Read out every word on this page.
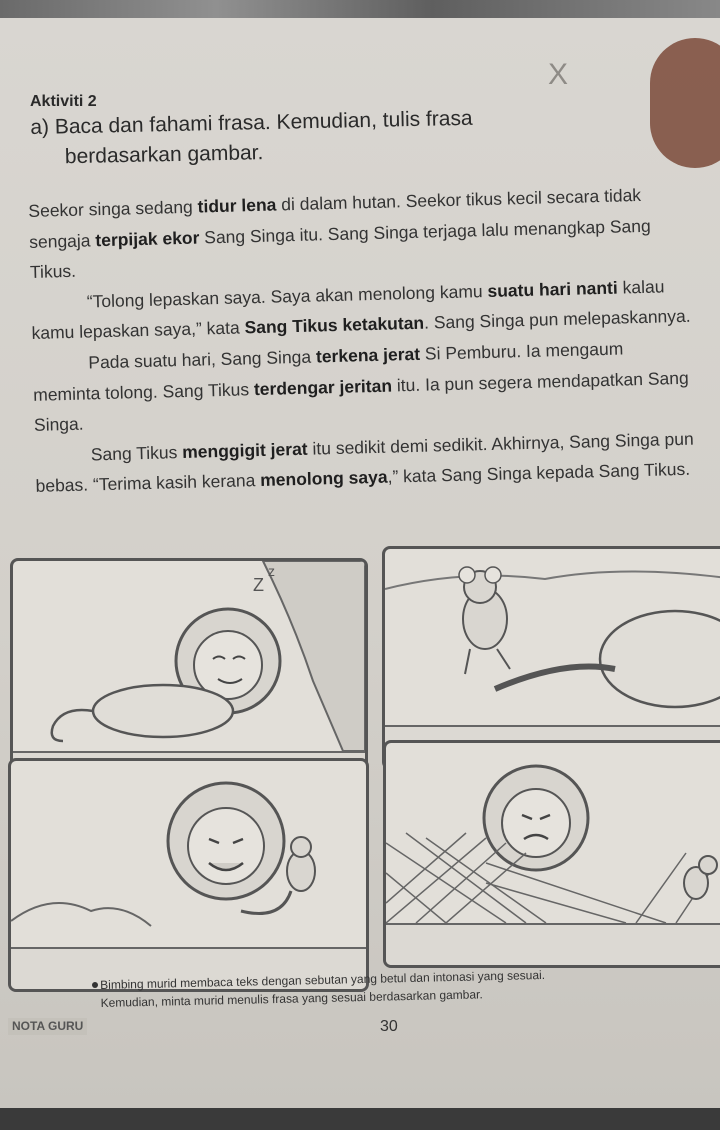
X
Aktiviti 2
a) Baca dan fahami frasa. Kemudian, tulis frasa
berdasarkan gambar.

Seekor singa sedang tidur lena di dalam hutan. Seekor tikus kecil secara tidak sengaja terpijak ekor Sang Singa itu. Sang Singa terjaga lalu menangkap Sang Tikus.

“Tolong lepaskan saya. Saya akan menolong kamu suatu hari nanti kalau kamu lepaskan saya,” kata Sang Tikus ketakutan. Sang Singa pun melepaskannya.

Pada suatu hari, Sang Singa terkena jerat Si Pemburu. Ia mengaum meminta tolong. Sang Tikus terdengar jeritan itu. Ia pun segera mendapatkan Sang Singa.

Sang Tikus menggigit jerat itu sedikit demi sedikit. Akhirnya, Sang Singa pun bebas. “Terima kasih kerana menolong saya,” kata Sang Singa kepada Sang Tikus.

Z
z
Bimbing murid membaca teks dengan sebutan yang betul dan intonasi yang sesuai.
Kemudian, minta murid menulis frasa yang sesuai berdasarkan gambar.
NOTA GURU	30
